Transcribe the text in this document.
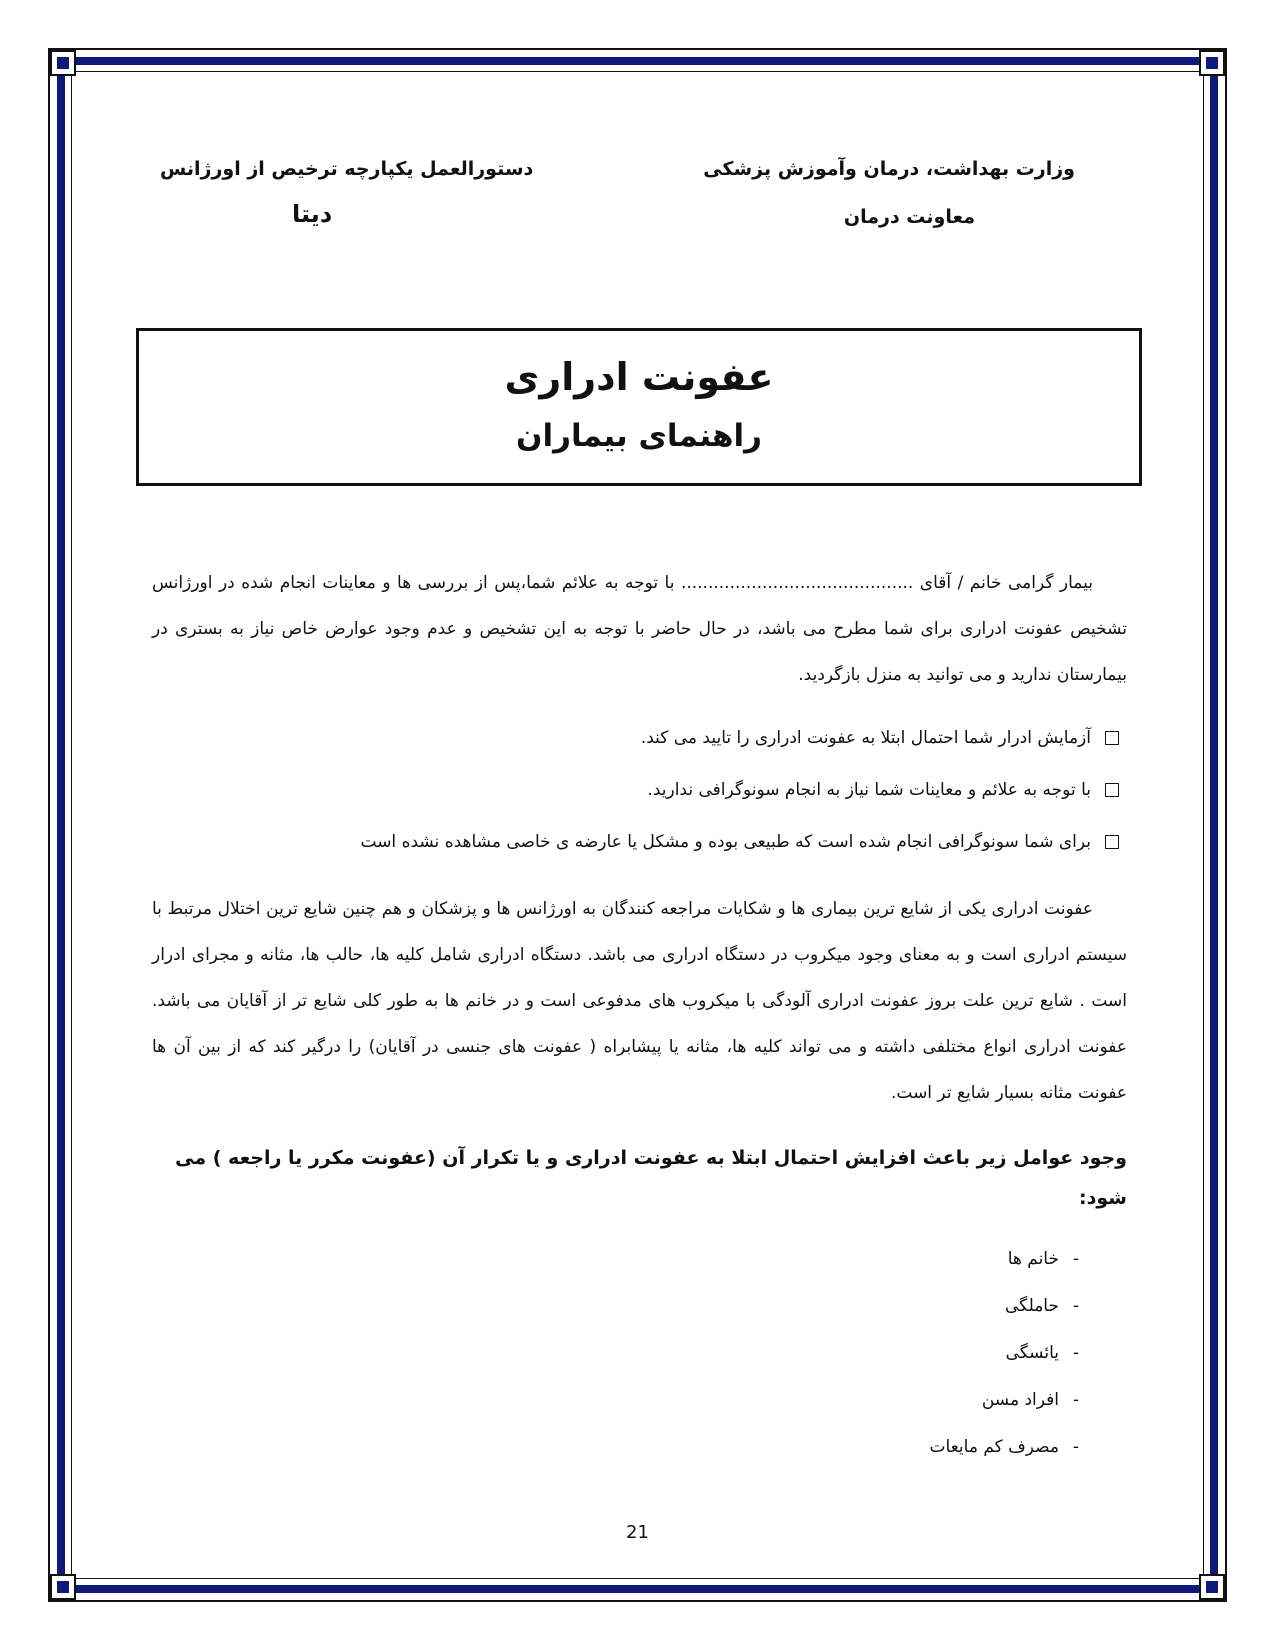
وزارت بهداشت، درمان وآموزش پزشکی
معاونت درمان
دستورالعمل یکپارچه ترخیص از اورژانس
دیتا
عفونت ادراری
راهنمای بیماران

بیمار گرامی خانم / آقای ........................................... با توجه به علائم شما،پس از بررسی ها و معاینات انجام شده در اورژانس تشخیص عفونت ادراری برای شما مطرح می باشد، در حال حاضر با توجه به این تشخیص و عدم وجود عوارض خاص نیاز به بستری در بیمارستان ندارید و می توانید به منزل بازگردید.

آزمایش ادرار شما احتمال ابتلا به عفونت ادراری را تایید می کند.
با توجه به علائم و معاینات شما نیاز به انجام سونوگرافی ندارید.
برای شما سونوگرافی انجام شده است که طبیعی بوده و مشکل یا عارضه ی خاصی مشاهده نشده است

عفونت ادراری یکی از شایع ترین بیماری ها و شکایات مراجعه کنندگان به اورژانس ها و پزشکان و هم چنین شایع ترین اختلال مرتبط با سیستم ادراری است و به معنای وجود میکروب در دستگاه ادراری می باشد. دستگاه ادراری شامل کلیه ها، حالب ها، مثانه و مجرای ادرار است . شایع ترین علت بروز عفونت ادراری آلودگی با میکروب های مدفوعی است و در خانم ها به طور کلی شایع تر از آقایان می باشد. عفونت ادراری انواع مختلفی داشته و می تواند کلیه ها، مثانه یا پیشابراه ( عفونت های جنسی در آقایان) را درگیر کند که از بین آن ها عفونت مثانه بسیار شایع تر است.

وجود عوامل زیر باعث افزایش احتمال ابتلا به عفونت ادراری و یا تکرار آن (عفونت مکرر یا راجعه ) می شود:
-
خانم ها
-
حاملگی
-
یائسگی
-
افراد مسن
-
مصرف کم مایعات
21
